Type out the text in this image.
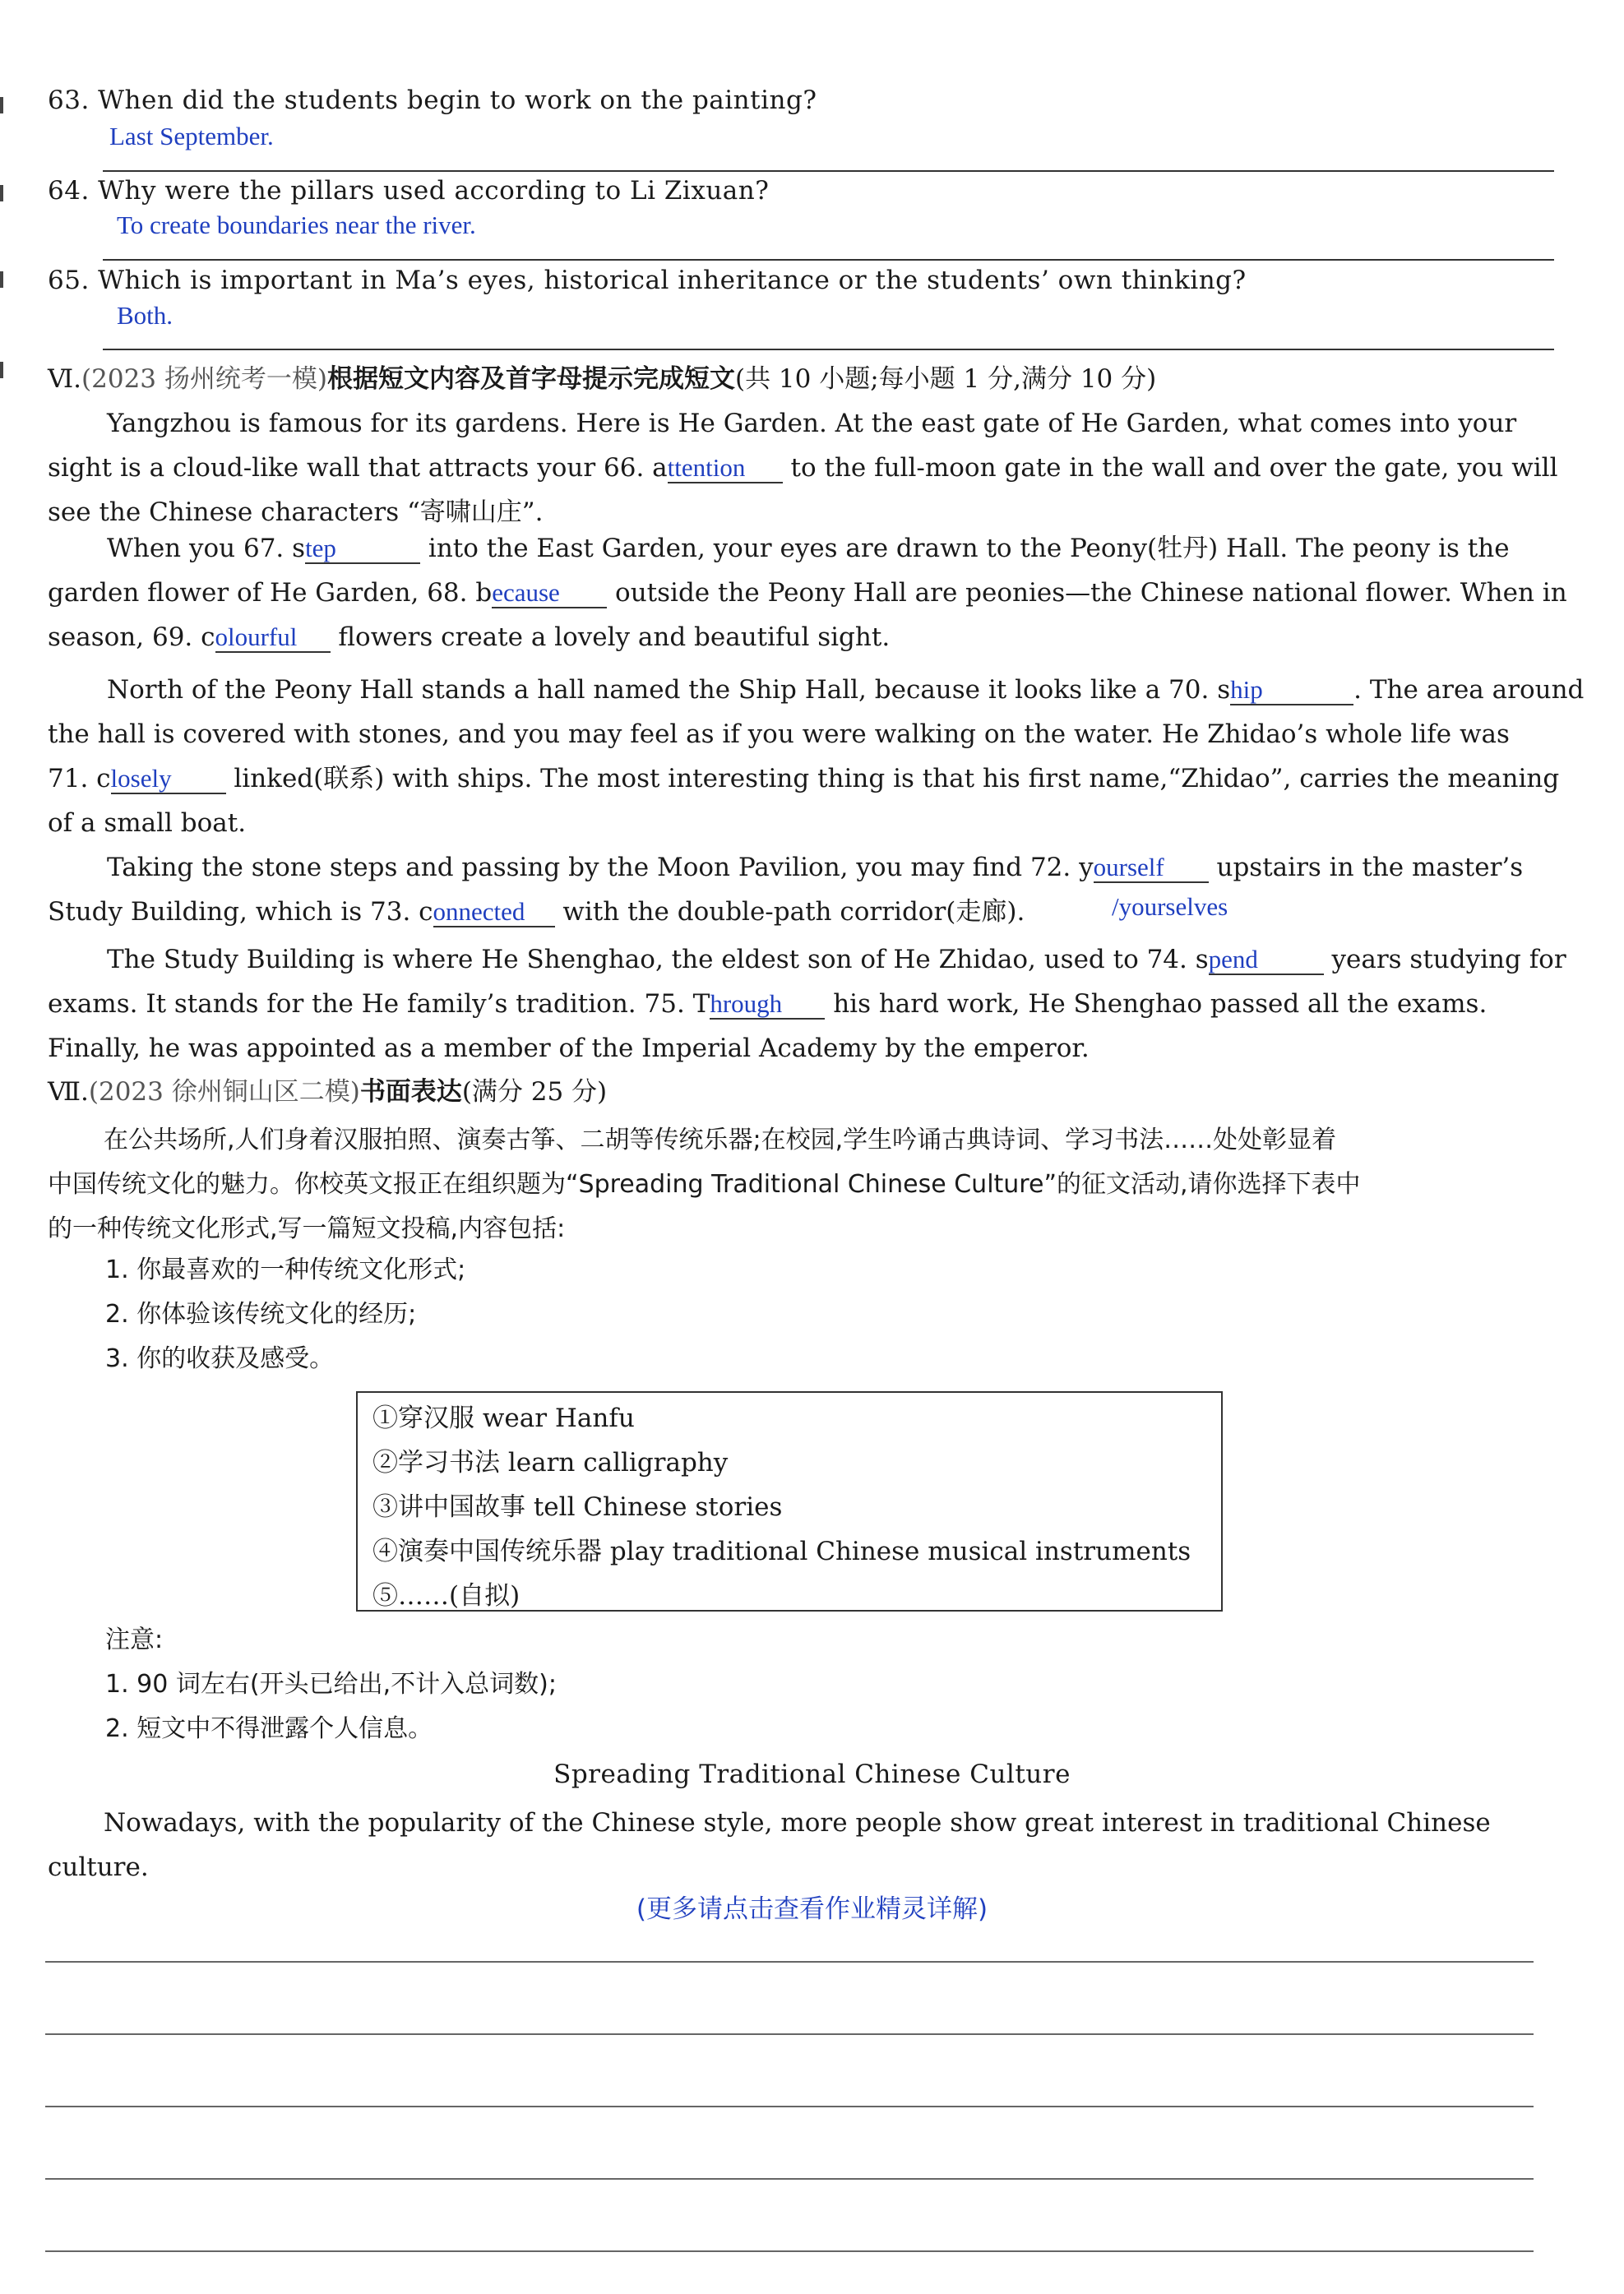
63. When did the students begin to work on the painting?
Last September.
64. Why were the pillars used according to Li Zixuan?
To create boundaries near the river.
65. Which is important in Ma’s eyes, historical inheritance or the students’ own thinking?
Both.
Ⅵ.(2023 扬州统考一模)根据短文内容及首字母提示完成短文(共 10 小题;每小题 1 分,满分 10 分)
Yangzhou is famous for its gardens. Here is He Garden. At the east gate of He Garden, what comes into your
sight is a cloud-like wall that attracts your 66. attention to the full-moon gate in the wall and over the gate, you will
see the Chinese characters “寄啸山庄”.
When you 67. step	into the East Garden, your eyes are drawn to the Peony(牡丹) Hall. The peony is the
garden flower of He Garden, 68. because outside the Peony Hall are peonies—the Chinese national flower. When in
season, 69. colourful flowers create a lovely and beautiful sight.
North of the Peony Hall stands a hall named the Ship Hall, because it looks like a 70. ship	. The area around
the hall is covered with stones, and you may feel as if you were walking on the water. He Zhidao’s whole life was
71. closely linked(联系) with ships. The most interesting thing is that his first name,“Zhidao”, carries the meaning
of a small boat.
Taking the stone steps and passing by the Moon Pavilion, you may find 72. yourself upstairs in the master’s
Study Building, which is 73. connected with the double-path corridor(走廊).	/yourselves
The Study Building is where He Shenghao, the eldest son of He Zhidao, used to 74. spend	years studying for
exams. It stands for the He family’s tradition. 75. Through his hard work, He Shenghao passed all the exams.
Finally, he was appointed as a member of the Imperial Academy by the emperor.
Ⅶ.(2023 徐州铜山区二模)书面表达(满分 25 分)
在公共场所,人们身着汉服拍照、演奏古筝、二胡等传统乐器;在校园,学生吟诵古典诗词、学习书法……处处彰显着
中国传统文化的魅力。你校英文报正在组织题为“Spreading Traditional Chinese Culture”的征文活动,请你选择下表中
的一种传统文化形式,写一篇短文投稿,内容包括:
1. 你最喜欢的一种传统文化形式;
2. 你体验该传统文化的经历;
3. 你的收获及感受。
①穿汉服 wear Hanfu
②学习书法 learn calligraphy
③讲中国故事 tell Chinese stories
④演奏中国传统乐器 play traditional Chinese musical instruments
⑤……(自拟)
注意:
1. 90 词左右(开头已给出,不计入总词数);
2. 短文中不得泄露个人信息。
Spreading Traditional Chinese Culture
Nowadays, with the popularity of the Chinese style, more people show great interest in traditional Chinese
culture.
(更多请点击查看作业精灵详解)
